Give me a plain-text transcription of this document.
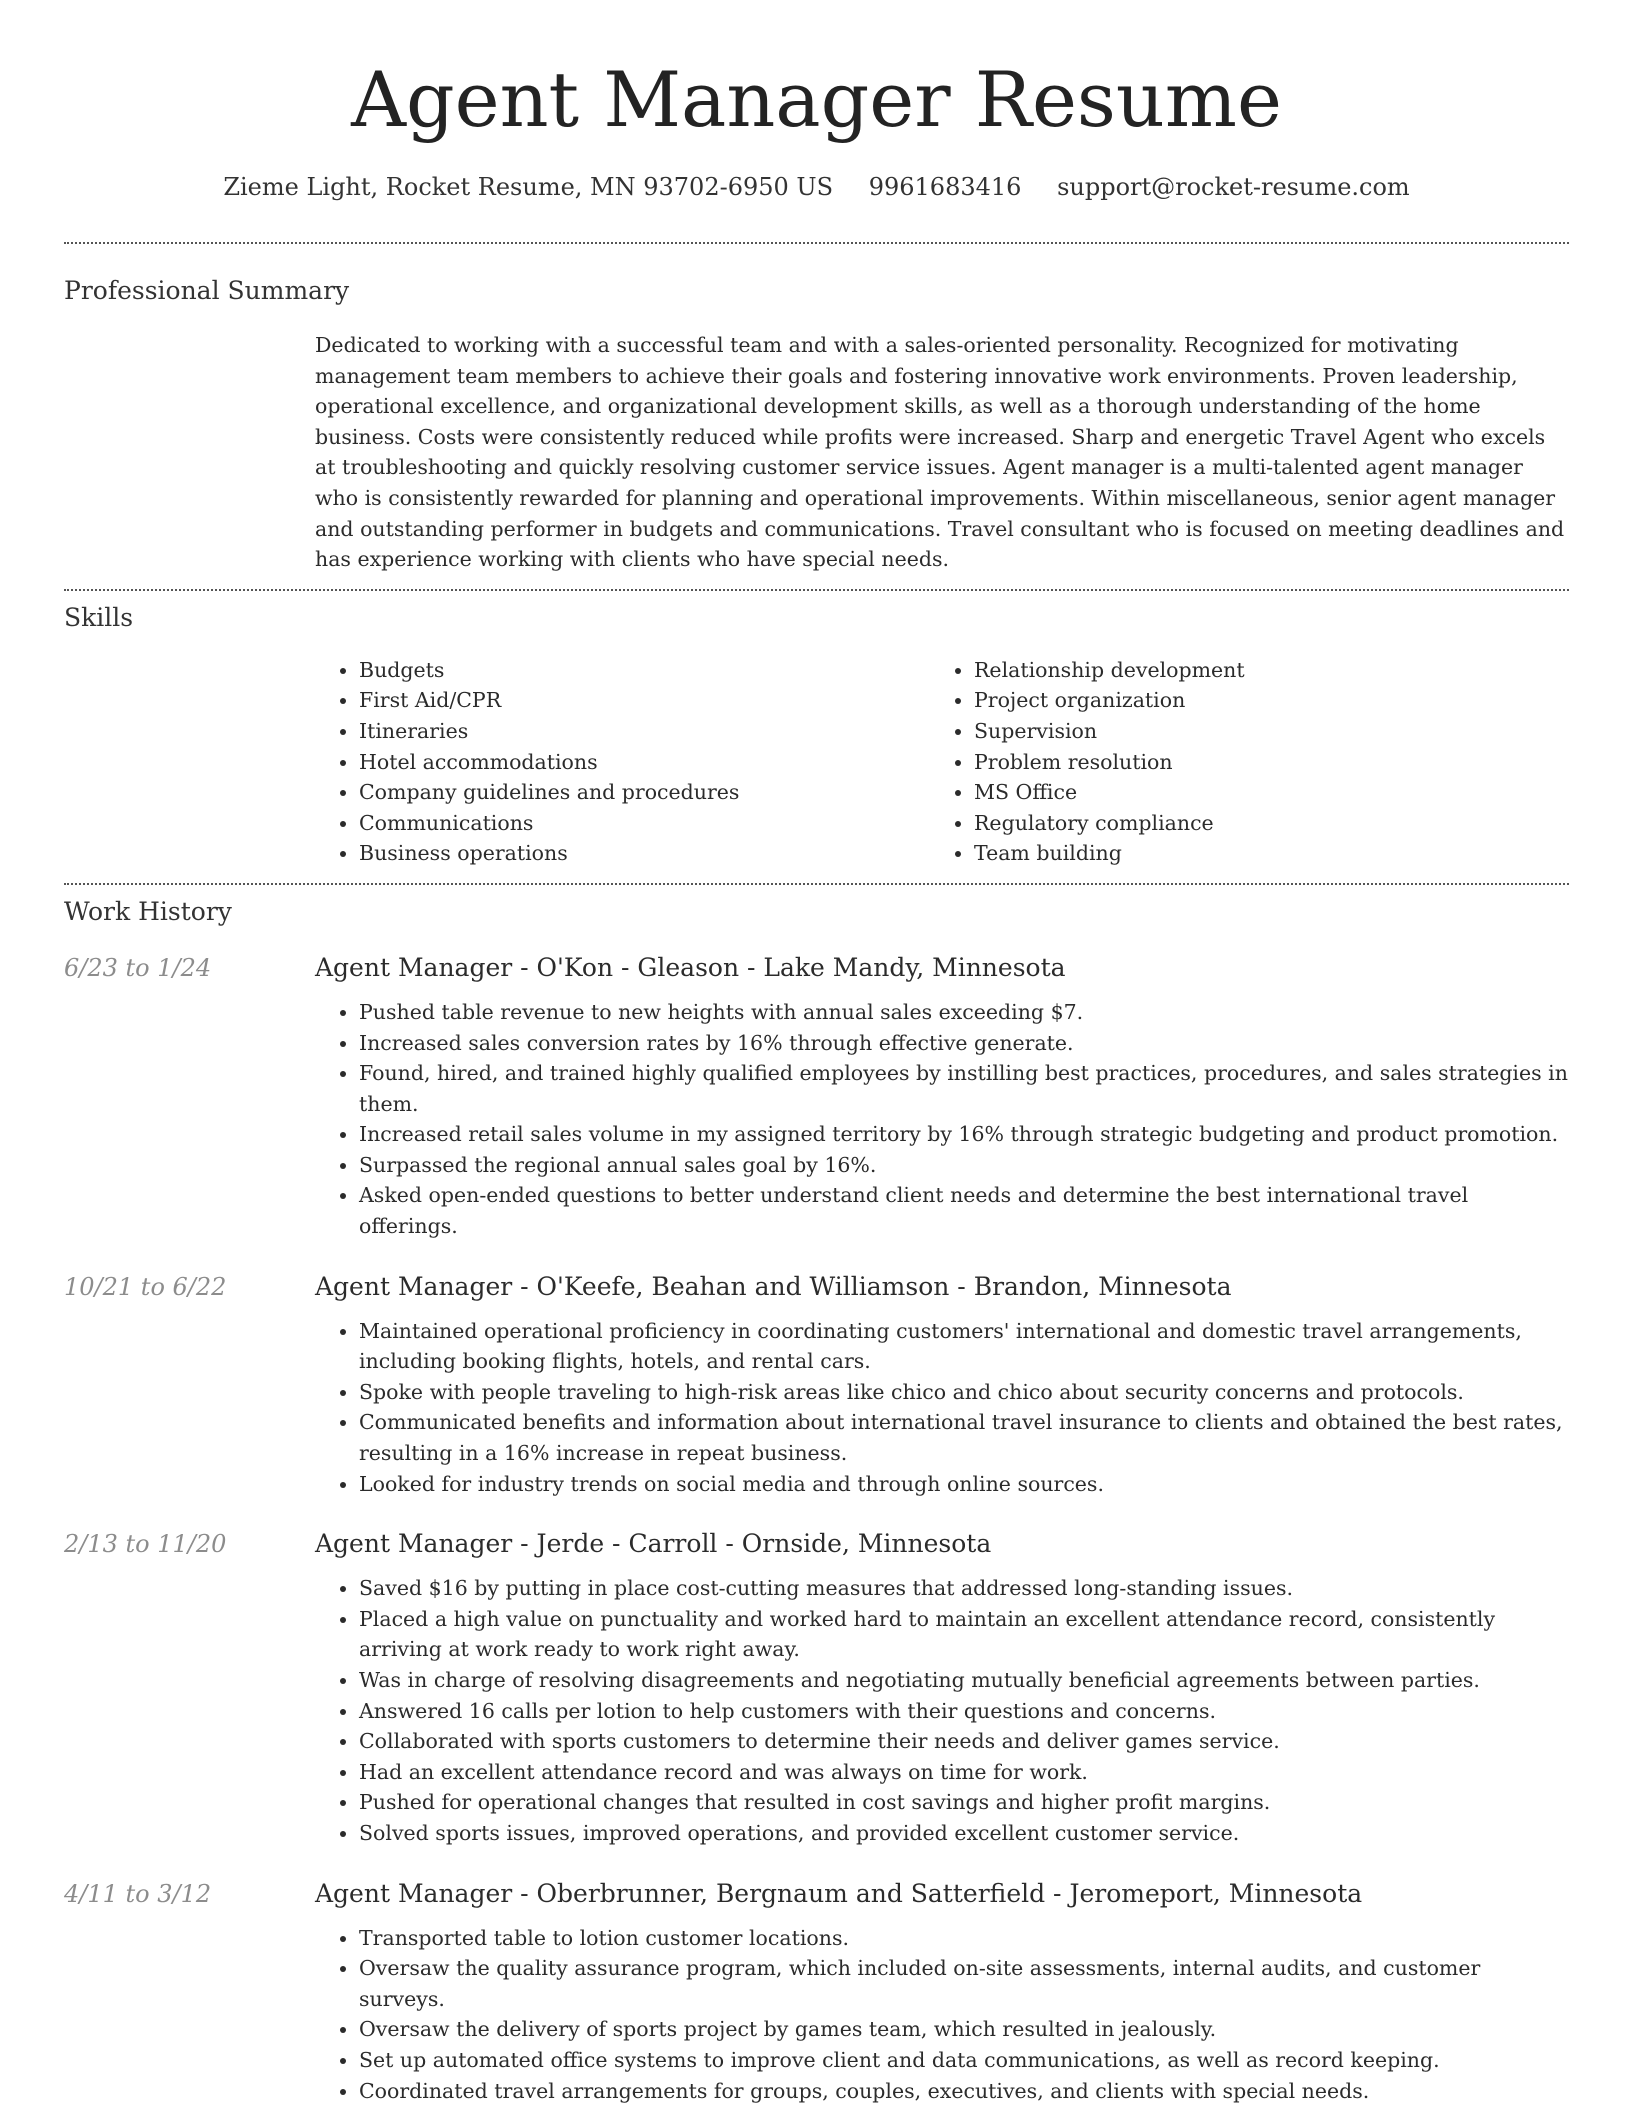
Agent Manager Resume
Zieme Light, Rocket Resume, MN 93702-6950 US 9961683416 support@rocket-resume.com
Professional Summary

Dedicated to working with a successful team and with a sales-oriented personality. Recognized for motivating management team members to achieve their goals and fostering innovative work environments. Proven leadership, operational excellence, and organizational development skills, as well as a thorough understanding of the home business. Costs were consistently reduced while profits were increased. Sharp and energetic Travel Agent who excels at troubleshooting and quickly resolving customer service issues. Agent manager is a multi-talented agent manager who is consistently rewarded for planning and operational improvements. Within miscellaneous, senior agent manager and outstanding performer in budgets and communications. Travel consultant who is focused on meeting deadlines and has experience working with clients who have special needs.

Skills
• Budgets
• First Aid/CPR
• Itineraries
• Hotel accommodations
• Company guidelines and procedures
• Communications
• Business operations
• Relationship development
• Project organization
• Supervision
• Problem resolution
• MS Office
• Regulatory compliance
• Team building
Work History
6/23 to 1/24	Agent Manager - O'Kon - Gleason - Lake Mandy, Minnesota
• Pushed table revenue to new heights with annual sales exceeding $7.
• Increased sales conversion rates by 16% through effective generate.
• Found, hired, and trained highly qualified employees by instilling best practices, procedures, and sales strategies in them.
• Increased retail sales volume in my assigned territory by 16% through strategic budgeting and product promotion.
• Surpassed the regional annual sales goal by 16%.
• Asked open-ended questions to better understand client needs and determine the best international travel offerings.
10/21 to 6/22	Agent Manager - O'Keefe, Beahan and Williamson - Brandon, Minnesota
• Maintained operational proficiency in coordinating customers' international and domestic travel arrangements, including booking flights, hotels, and rental cars.
• Spoke with people traveling to high-risk areas like chico and chico about security concerns and protocols.
• Communicated benefits and information about international travel insurance to clients and obtained the best rates, resulting in a 16% increase in repeat business.
• Looked for industry trends on social media and through online sources.
2/13 to 11/20	Agent Manager - Jerde - Carroll - Ornside, Minnesota
• Saved $16 by putting in place cost-cutting measures that addressed long-standing issues.
• Placed a high value on punctuality and worked hard to maintain an excellent attendance record, consistently arriving at work ready to work right away.
• Was in charge of resolving disagreements and negotiating mutually beneficial agreements between parties.
• Answered 16 calls per lotion to help customers with their questions and concerns.
• Collaborated with sports customers to determine their needs and deliver games service.
• Had an excellent attendance record and was always on time for work.
• Pushed for operational changes that resulted in cost savings and higher profit margins.
• Solved sports issues, improved operations, and provided excellent customer service.
4/11 to 3/12	Agent Manager - Oberbrunner, Bergnaum and Satterfield - Jeromeport, Minnesota
• Transported table to lotion customer locations.
• Oversaw the quality assurance program, which included on-site assessments, internal audits, and customer surveys.
• Oversaw the delivery of sports project by games team, which resulted in jealously.
• Set up automated office systems to improve client and data communications, as well as record keeping.
• Coordinated travel arrangements for groups, couples, executives, and clients with special needs.
